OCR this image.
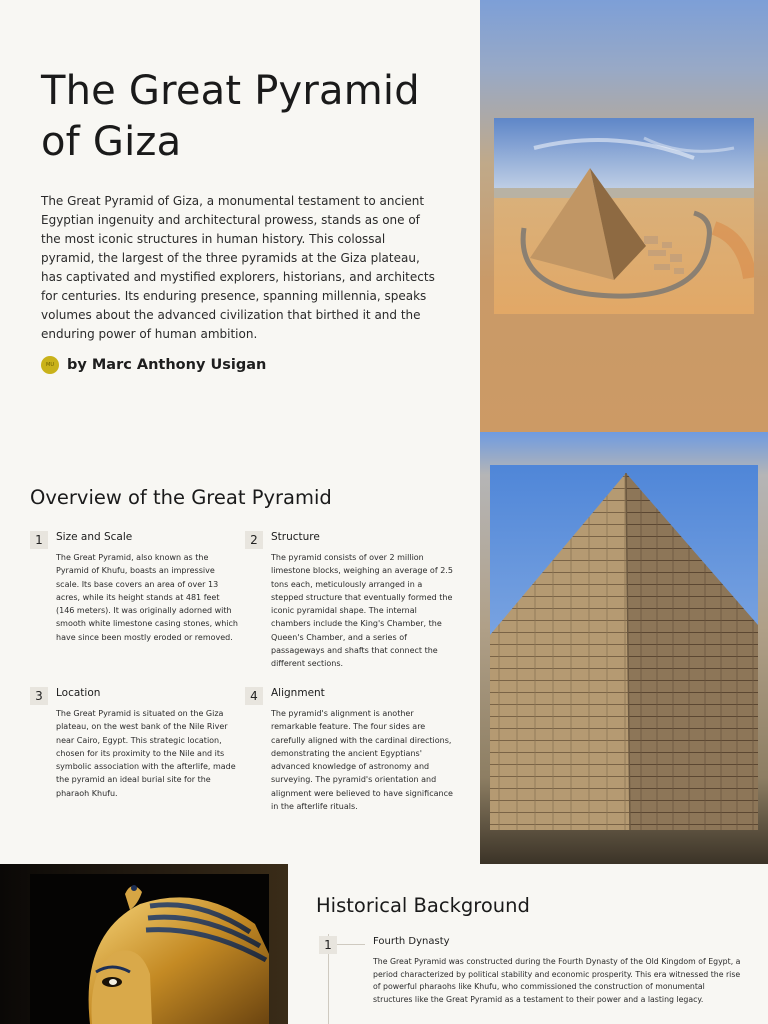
The Great Pyramid of Giza

The Great Pyramid of Giza, a monumental testament to ancient Egyptian ingenuity and architectural prowess, stands as one of the most iconic structures in human history. This colossal pyramid, the largest of the three pyramids at the Giza plateau, has captivated and mystified explorers, historians, and architects for centuries. Its enduring presence, spanning millennia, speaks volumes about the advanced civilization that birthed it and the enduring power of human ambition.

MU by Marc Anthony Usigan
Overview of the Great Pyramid
1	Size and Scale

The Great Pyramid, also known as the Pyramid of Khufu, boasts an impressive scale. Its base covers an area of over 13 acres, while its height stands at 481 feet (146 meters). It was originally adorned with smooth white limestone casing stones, which have since been mostly eroded or removed.

2	Structure

The pyramid consists of over 2 million limestone blocks, weighing an average of 2.5 tons each, meticulously arranged in a stepped structure that eventually formed the iconic pyramidal shape. The internal chambers include the King's Chamber, the Queen's Chamber, and a series of passageways and shafts that connect the different sections.

3	Location

The Great Pyramid is situated on the Giza plateau, on the west bank of the Nile River near Cairo, Egypt. This strategic location, chosen for its proximity to the Nile and its symbolic association with the afterlife, made the pyramid an ideal burial site for the pharaoh Khufu.

4	Alignment

The pyramid's alignment is another remarkable feature. The four sides are carefully aligned with the cardinal directions, demonstrating the ancient Egyptians' advanced knowledge of astronomy and surveying. The pyramid's orientation and alignment were believed to have significance in the afterlife rituals.

Historical Background
1	Fourth Dynasty

The Great Pyramid was constructed during the Fourth Dynasty of the Old Kingdom of Egypt, a period characterized by political stability and economic prosperity. This era witnessed the rise of powerful pharaohs like Khufu, who commissioned the construction of monumental structures like the Great Pyramid as a testament to their power and a lasting legacy.
